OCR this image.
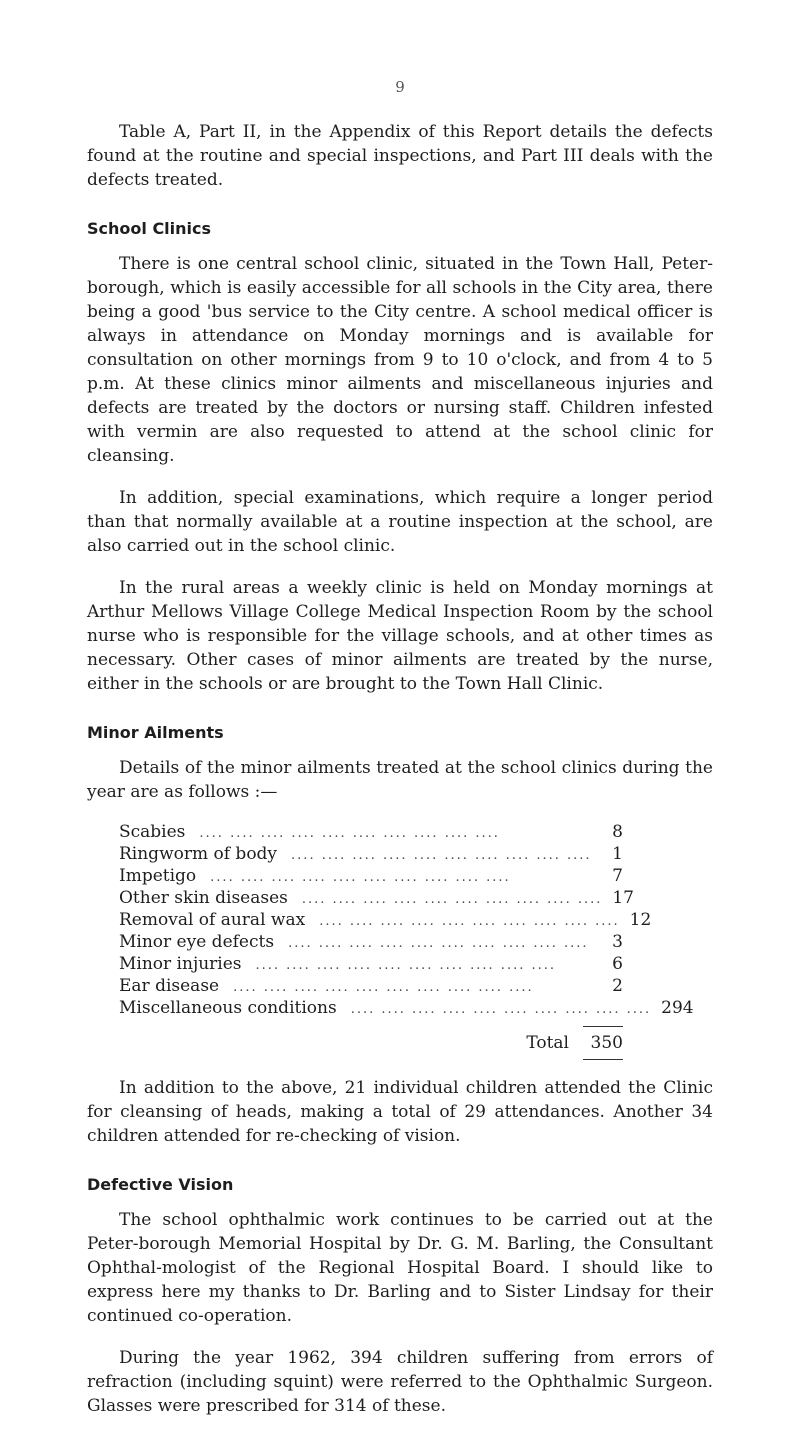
9

Table A, Part II, in the Appendix of this Report details the defects found at the routine and special inspections, and Part III deals with the defects treated.

School Clinics

There is one central school clinic, situated in the Town Hall, Peter-borough, which is easily accessible for all schools in the City area, there being a good 'bus service to the City centre. A school medical officer is always in attendance on Monday mornings and is available for consultation on other mornings from 9 to 10 o'clock, and from 4 to 5 p.m. At these clinics minor ailments and miscellaneous injuries and defects are treated by the doctors or nursing staff. Children infested with vermin are also requested to attend at the school clinic for cleansing.

In addition, special examinations, which require a longer period than that normally available at a routine inspection at the school, are also carried out in the school clinic.

In the rural areas a weekly clinic is held on Monday mornings at Arthur Mellows Village College Medical Inspection Room by the school nurse who is responsible for the village schools, and at other times as necessary. Other cases of minor ailments are treated by the nurse, either in the schools or are brought to the Town Hall Clinic.

Minor Ailments

Details of the minor ailments treated at the school clinics during the year are as follows :—

Scabies	.... .... .... .... .... .... .... .... .... ....	8
Ringworm of body	.... .... .... .... .... .... .... .... .... ....	1
Impetigo	.... .... .... .... .... .... .... .... .... ....	7
Other skin diseases	.... .... .... .... .... .... .... .... .... .... 17
Removal of aural wax	.... .... .... .... .... .... .... .... .... .... 12
Minor eye defects	.... .... .... .... .... .... .... .... .... ....	3
Minor injuries	.... .... .... .... .... .... .... .... .... ....	6
Ear disease	.... .... .... .... .... .... .... .... .... ....	2
Miscellaneous conditions	.... .... .... .... .... .... .... .... .... .... 294
Total	350

In addition to the above, 21 individual children attended the Clinic for cleansing of heads, making a total of 29 attendances. Another 34 children attended for re-checking of vision.

Defective Vision

The school ophthalmic work continues to be carried out at the Peter-borough Memorial Hospital by Dr. G. M. Barling, the Consultant Ophthal-mologist of the Regional Hospital Board. I should like to express here my thanks to Dr. Barling and to Sister Lindsay for their continued co-operation.

During the year 1962, 394 children suffering from errors of refraction (including squint) were referred to the Ophthalmic Surgeon. Glasses were prescribed for 314 of these.
